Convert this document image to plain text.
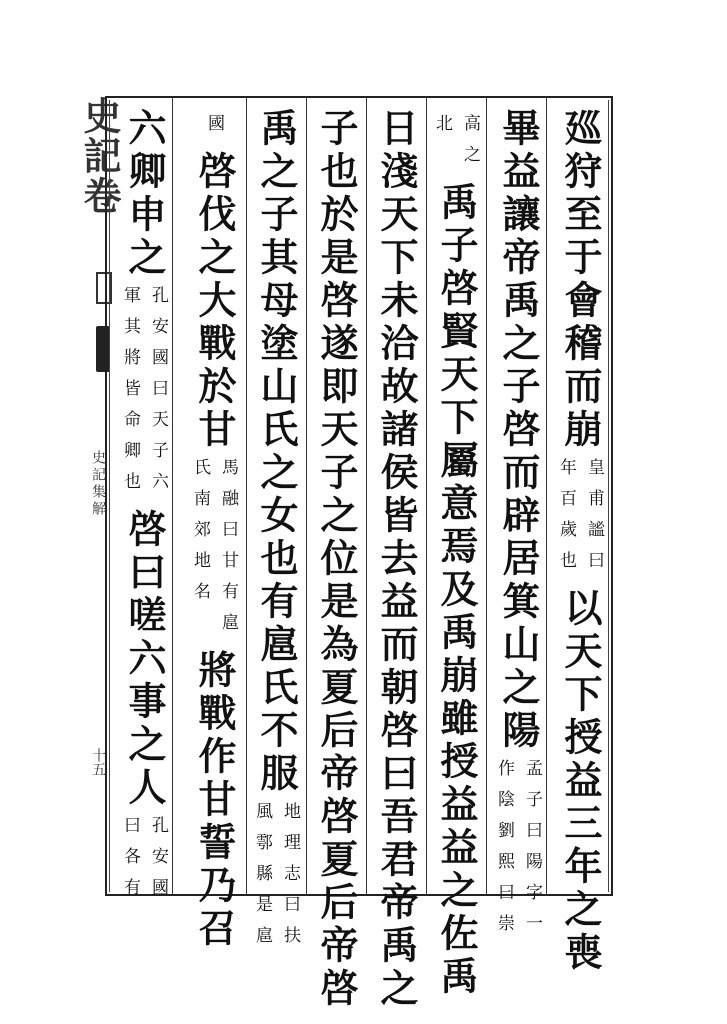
史記卷
史記集解
十五
廵狩至于會稽而崩
皇甫謐曰
年百歲也
以天下授益三年之喪
畢益讓帝禹之子啓而辟居箕山之陽
孟子曰陽字一
作陰劉熙曰崇
高之
北
禹子啓賢天下屬意焉及禹崩雖授益益之佐禹
日淺天下未洽故諸侯皆去益而朝啓曰吾君帝禹之
子也於是啓遂即天子之位是為夏后帝啓夏后帝啓
禹之子其母塗山氏之女也有扈氏不服
地理志曰扶
風鄠縣是扈
國
啓伐之大戰於甘
馬融曰甘有扈
氏南郊地名
將戰作甘誓乃召
六卿申之
孔安國曰天子六
軍其將皆命卿也
啓曰嗟六事之人
孔安國
曰各有
